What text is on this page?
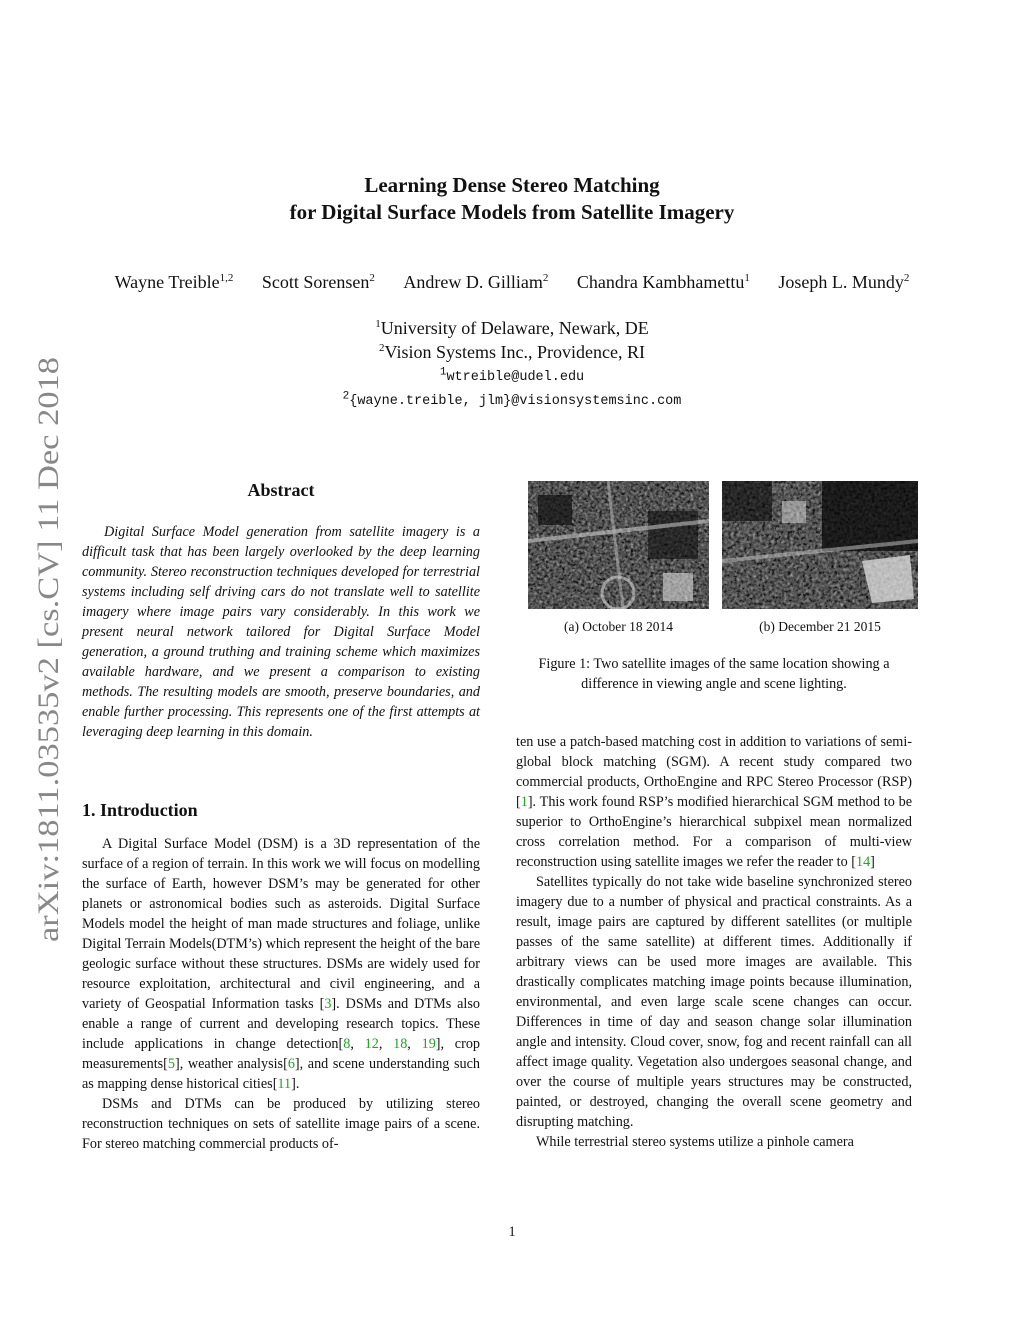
arXiv:1811.03535v2 [cs.CV] 11 Dec 2018
Learning Dense Stereo Matching
for Digital Surface Models from Satellite Imagery
Wayne Treible$^{1,2}$ Scott Sorensen$^2$ Andrew D. Gilliam$^2$ Chandra Kambhamettu$^1$ Joseph L. Mundy$^2$
$^1$University of Delaware, Newark, DE
$^2$Vision Systems Inc., Providence, RI
$^1$wtreible@udel.edu
$^2${wayne.treible, jlm}@visionsystemsinc.com
Abstract
Digital Surface Model generation from satellite imagery is a difficult task that has been largely overlooked by the deep learning community. Stereo reconstruction techniques developed for terrestrial systems including self driving cars do not translate well to satellite imagery where image pairs vary considerably. In this work we present neural network tailored for Digital Surface Model generation, a ground truthing and training scheme which maximizes available hardware, and we present a comparison to existing methods. The resulting models are smooth, preserve boundaries, and enable further processing. This represents one of the first attempts at leveraging deep learning in this domain.
1. Introduction

A Digital Surface Model (DSM) is a 3D representation of the surface of a region of terrain. In this work we will focus on modelling the surface of Earth, however DSM’s may be generated for other planets or astronomical bodies such as asteroids. Digital Surface Models model the height of man made structures and foliage, unlike Digital Terrain Models(DTM’s) which represent the height of the bare geologic surface without these structures. DSMs are widely used for resource exploitation, architectural and civil engineering, and a variety of Geospatial Information tasks [3]. DSMs and DTMs also enable a range of current and developing research topics. These include applications in change detection[8, 12, 18, 19], crop measurements[5], weather analysis[6], and scene understanding such as mapping dense historical cities[11].

DSMs and DTMs can be produced by utilizing stereo reconstruction techniques on sets of satellite image pairs of a scene. For stereo matching commercial products of-

(a) October 18 2014	(b) December 21 2015
Figure 1: Two satellite images of the same location showing a difference in viewing angle and scene lighting.

ten use a patch-based matching cost in addition to variations of semi-global block matching (SGM). A recent study compared two commercial products, OrthoEngine and RPC Stereo Processor (RSP)[1]. This work found RSP’s modified hierarchical SGM method to be superior to OrthoEngine’s hierarchical subpixel mean normalized cross correlation method. For a comparison of multi-view reconstruction using satellite images we refer the reader to [14]

Satellites typically do not take wide baseline synchronized stereo imagery due to a number of physical and practical constraints. As a result, image pairs are captured by different satellites (or multiple passes of the same satellite) at different times. Additionally if arbitrary views can be used more images are available. This drastically complicates matching image points because illumination, environmental, and even large scale scene changes can occur. Differences in time of day and season change solar illumination angle and intensity. Cloud cover, snow, fog and recent rainfall can all affect image quality. Vegetation also undergoes seasonal change, and over the course of multiple years structures may be constructed, painted, or destroyed, changing the overall scene geometry and disrupting matching.

While terrestrial stereo systems utilize a pinhole camera

1
